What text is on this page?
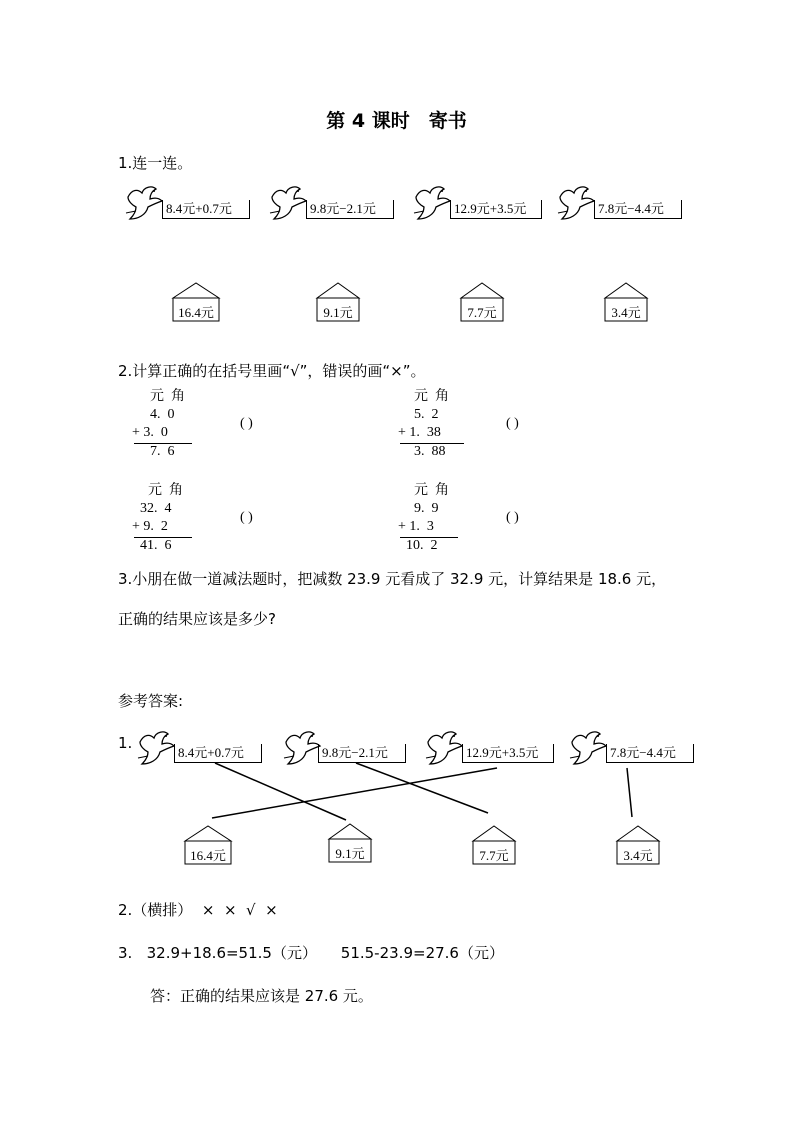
第 4 课时　寄书
1.连一连。
8.4元+0.7元	9.8元−2.1元	12.9元+3.5元	7.8元−4.4元
16.4元	9.1元	7.7元	3.4元
2.计算正确的在括号里画“√”，错误的画“×”。
元  角
4.  0
+ 3.  0
7.  6
( )
元  角
5.  2
+ 1.  38
3.  88
( )
元  角
32.  4
+ 9.  2
41.  6
( )
元  角
9.  9
+ 1.  3
10.  2
( )
3.小朋在做一道减法题时，把减数 23.9 元看成了 32.9 元，计算结果是 18.6 元，
正确的结果应该是多少?
参考答案:
1.
8.4元+0.7元	9.8元−2.1元	12.9元+3.5元	7.8元−4.4元
16.4元	9.1元	7.7元	3.4元
2.（横排）  ×  ×  √  ×
3.   32.9+18.6=51.5（元）     51.5-23.9=27.6（元）
答：正确的结果应该是 27.6 元。
